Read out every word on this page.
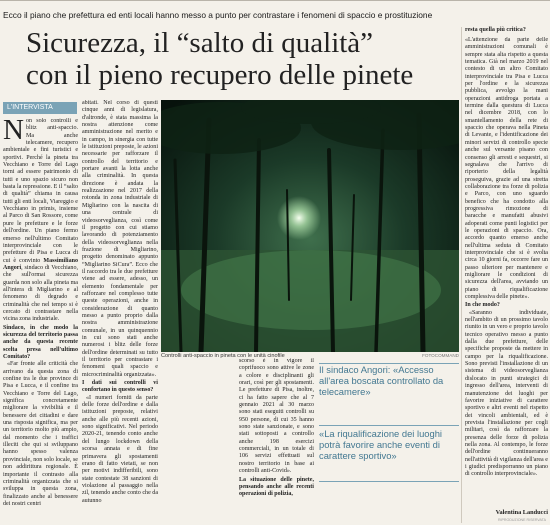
Ecco il piano che prefettura ed enti locali hanno messo a punto per contrastare i fenomeni di spaccio e prostituzione
Sicurezza, il “salto di qualità”
con il pieno recupero delle pinete
L'INTERVISTA

Non solo controlli e blitz anti-spaccio. Ma anche telecamere, recupero ambientale e fini turistici e sportivi. Perché la pineta tra Vecchiano e Torre del Lago torni ad essere patrimonio di tutti e uno spazio sicuro non basta la repressione. E il “salto di qualità” chiama in causa tutti gli enti locali, Viareggio e Vecchiano in primis, insieme al Parco di San Rossore, come pure le prefetture e le forze dell'ordine. Un piano fermo emerso nell'ultimo Comitato interprovinciale con le prefetture di Pisa e Lucca di cui è convinto Massimiliano Angori, sindaco di Vecchiano, che sull'ormai sicurezza guarda non solo alla pineta ma all'intera di Migliarino e al fenomeno di degrado e criminalità che nel tempo si è cercato di contrastare nella vicina zona industriale.

Sindaco, in che modo la sicurezza del territorio passa anche da questa recente scelta presa nell'ultimo Comitato?

«Far fronte alle criticità che arrivano da questa zona di confine tra le due province di Pisa e Lucca, e il confine tra Vecchiano e Torre del Lago, significa concretamente migliorare la vivibilità e il benessere dei cittadini e dare una risposta significa, ma per un territorio molto più ampio, dal momento che i traffici illeciti che qui si sviluppano hanno spesso valenza provinciale, non solo locale, se non addirittura regionale. È importante il contrasto alla criminalità organizzata che si sviluppa in questa zona, finalizzato anche al benessere dei nostri centri

abitati. Nel corso di questi cinque anni di legislatura, d'altronde, è stata massima la nostra attenzione come amministrazione nel merito e in campo, in sinergia con tutte le istituzioni preposte, le azioni necessarie per rafforzare il controllo del territorio e portare avanti la lotta anche alla criminalità. In questa direzione è andata la realizzazione nel 2017 della rotonda in zona industriale di Migliarino con la nascita di una centrale di videosorveglianza, così come il progetto con cui stiamo lavorando di potenziamento della videosorveglianza nella frazione di Migliarino, progetto denominato appunto “Migliarino SiCura”. Ecco che il raccordo tra le due prefetture viene ad essere, adesso, un elemento fondamentale per rafforzare nel complesso tutte queste operazioni, anche in considerazione di quanto messo a punto proprio dalla nostra amministrazione comunale, in un quinquennio in cui sono stati anche numerosi i blitz delle forze dell'ordine determinati su tutto il territorio per contrastare i fenomeni quali spaccio e microcriminalità organizzata».

I dati sui controlli vi confortano in questo senso?

«I numeri forniti da parte delle forze dell'ordine e dalla istituzioni preposte, relativi anche alle più recenti azioni, sono significativi. Nel periodo 2020-21, tenendo conto anche del lungo lockdown della scorsa annata e di fine primavera gli spostamenti erano di fatto vietati, se non per motivi indifferibili, sono state contestate 38 sanzioni di violazione al passaggio nella zil, tenendo anche conto che da autunno

Controlli anti-spaccio in pineta con le unità cinofile	FOTOCOMMAND

scorso è in vigore il coprifuoco sono attive le zone a colore e disciplinanti gli orari, così per gli spostamenti. Le prefetture di Pisa, inoltre, ci ha fatto sapere che al 7 gennaio 2021 al 30 marzo sono stati eseguiti controlli su 950 persone, di cui 35 hanno sono state sanzionate, e sono stati sottoposti a controllo anche 198 esercizi commerciali, in un totale di 106 servizi effettuati sul nostro territorio in base ai controlli anti-Covid».

La situazione delle pinete, pensando anche alle recenti operazioni di polizia,

Il sindaco Angori: «Accesso all'area boscata controllato da telecamere»

«La riqualificazione dei luoghi potrà favorire anche eventi di carattere sportivo»

resta quella più critica?

«L'attenzione da parte delle amministrazioni comunali è sempre stata alta rispetto a questa tematica. Già nel marzo 2019 nel contesto di un altro Comitato interprovinciale tra Pisa e Lucca per l'ordine e la sicurezza pubblica, avvolgo la mani operazioni antidroga portata a termine dalla questura di Lucca nel dicembre 2018, con lo smantellamento della rete di spaccio che operava nella Pineta di Levante, e l'identificazione dei minori servizi di controllo specie anche sul versante pisano con consenso gli arresti e sequestri, si segnalava che l'arrivo di riporterio della legalità proseguiva, grazie ad una stretta collaborazione tra forze di polizia e Parco, con uno sguardo benefico che ha condotto alla progressiva rimozione di baracche e manufatti abusivi adoperati come punti logistici per le operazioni di spaccio. Ora, accordo quanto emerso anche nell'ultima seduta di Comitato interprovinciale che si è svolta circa 10 giorni fa, occorre fare un passo ulteriore per mantenere e migliorare le condizioni di sicurezza dell'area, avviando un piano di riqualificazione complessiva delle pinete».

In che modo?

«Saranno individuate, nell'ambito di un prossimo tavolo riunito in un vero e proprio tavolo tecnico operativo messo a punto dalla due prefetture, delle specifiche proposte da mettere in campo per la riqualificazione. Sono previsti l'installazione di un sistema di videosorveglianza dislocato in punti strategici di ingresso dell'area, interventi di manutenzione dei luoghi per favorire iniziative di carattere sportivo e altri eventi nel rispetto dei vincoli ambientali, ed è prevista l'installazione per cogli militari, così da rafforzare la presenza delle forze di polizia nella zona. Al contempo, le forze dell'ordine continueranno nell'attività di vigilanza dell'area e i giudici predisporranno un piano di controllo interprovinciale».

Valentina Landucci
RIPRODUZIONE RISERVATA
